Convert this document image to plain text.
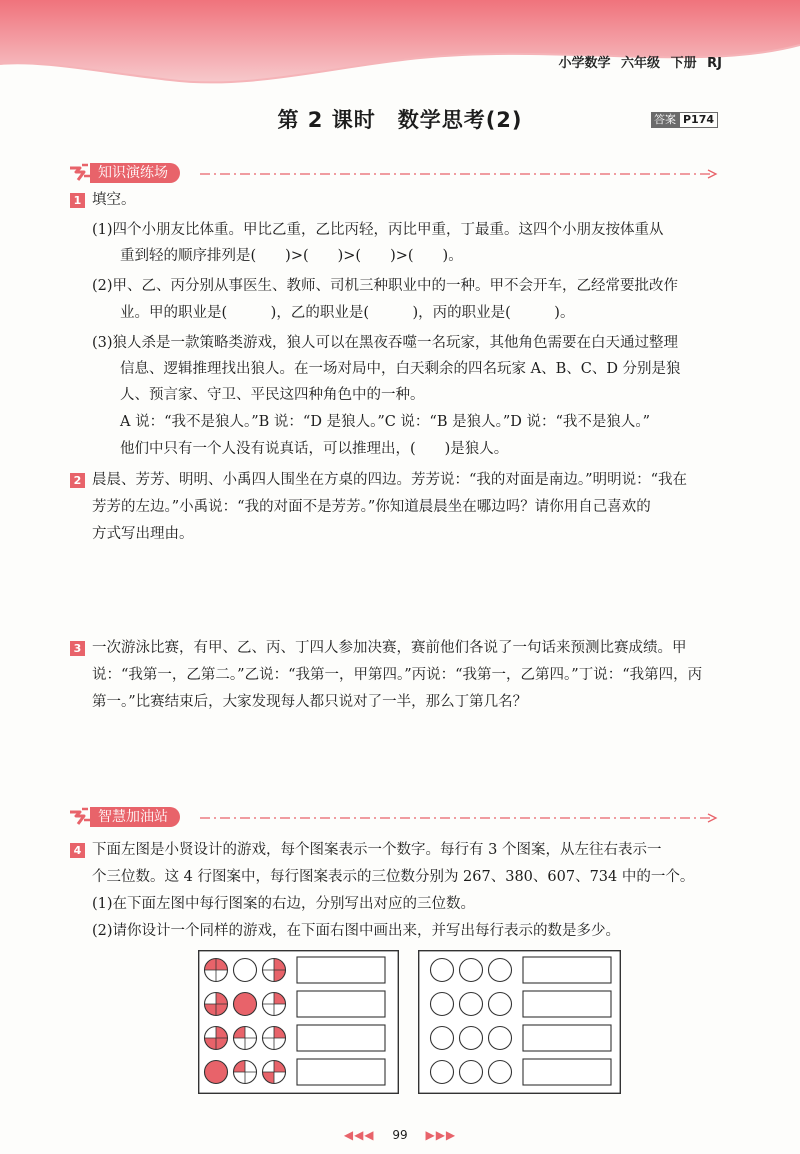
小学数学 六年级 下册 RJ
第 2 课时　数学思考(2)	答案 P174
知识演练场
1 填空。
(1)四个小朋友比体重。甲比乙重，乙比丙轻，丙比甲重，丁最重。这四个小朋友按体重从
重到轻的顺序排列是(　　)>(　　)>(　　)>(　　)。
(2)甲、乙、丙分别从事医生、教师、司机三种职业中的一种。甲不会开车，乙经常要批改作
业。甲的职业是(　　　)，乙的职业是(　　　)，丙的职业是(　　　)。
(3)狼人杀是一款策略类游戏，狼人可以在黑夜吞噬一名玩家，其他角色需要在白天通过整理
信息、逻辑推理找出狼人。在一场对局中，白天剩余的四名玩家 A、B、C、D 分别是狼
人、预言家、守卫、平民这四种角色中的一种。
A 说：“我不是狼人。”B 说：“D 是狼人。”C 说：“B 是狼人。”D 说：“我不是狼人。”
他们中只有一个人没有说真话，可以推理出，(　　)是狼人。
2 晨晨、芳芳、明明、小禹四人围坐在方桌的四边。芳芳说：“我的对面是南边。”明明说：“我在
芳芳的左边。”小禹说：“我的对面不是芳芳。”你知道晨晨坐在哪边吗？请你用自己喜欢的
方式写出理由。
3 一次游泳比赛，有甲、乙、丙、丁四人参加决赛，赛前他们各说了一句话来预测比赛成绩。甲
说：“我第一，乙第二。”乙说：“我第一，甲第四。”丙说：“我第一，乙第四。”丁说：“我第四，丙
第一。”比赛结束后，大家发现每人都只说对了一半，那么丁第几名？
智慧加油站
4 下面左图是小贤设计的游戏，每个图案表示一个数字。每行有 3 个图案，从左往右表示一
个三位数。这 4 行图案中，每行图案表示的三位数分别为 267、380、607、734 中的一个。
(1)在下面左图中每行图案的右边，分别写出对应的三位数。
(2)请你设计一个同样的游戏，在下面右图中画出来，并写出每行表示的数是多少。
◀◀◀ 99 ▶▶▶
